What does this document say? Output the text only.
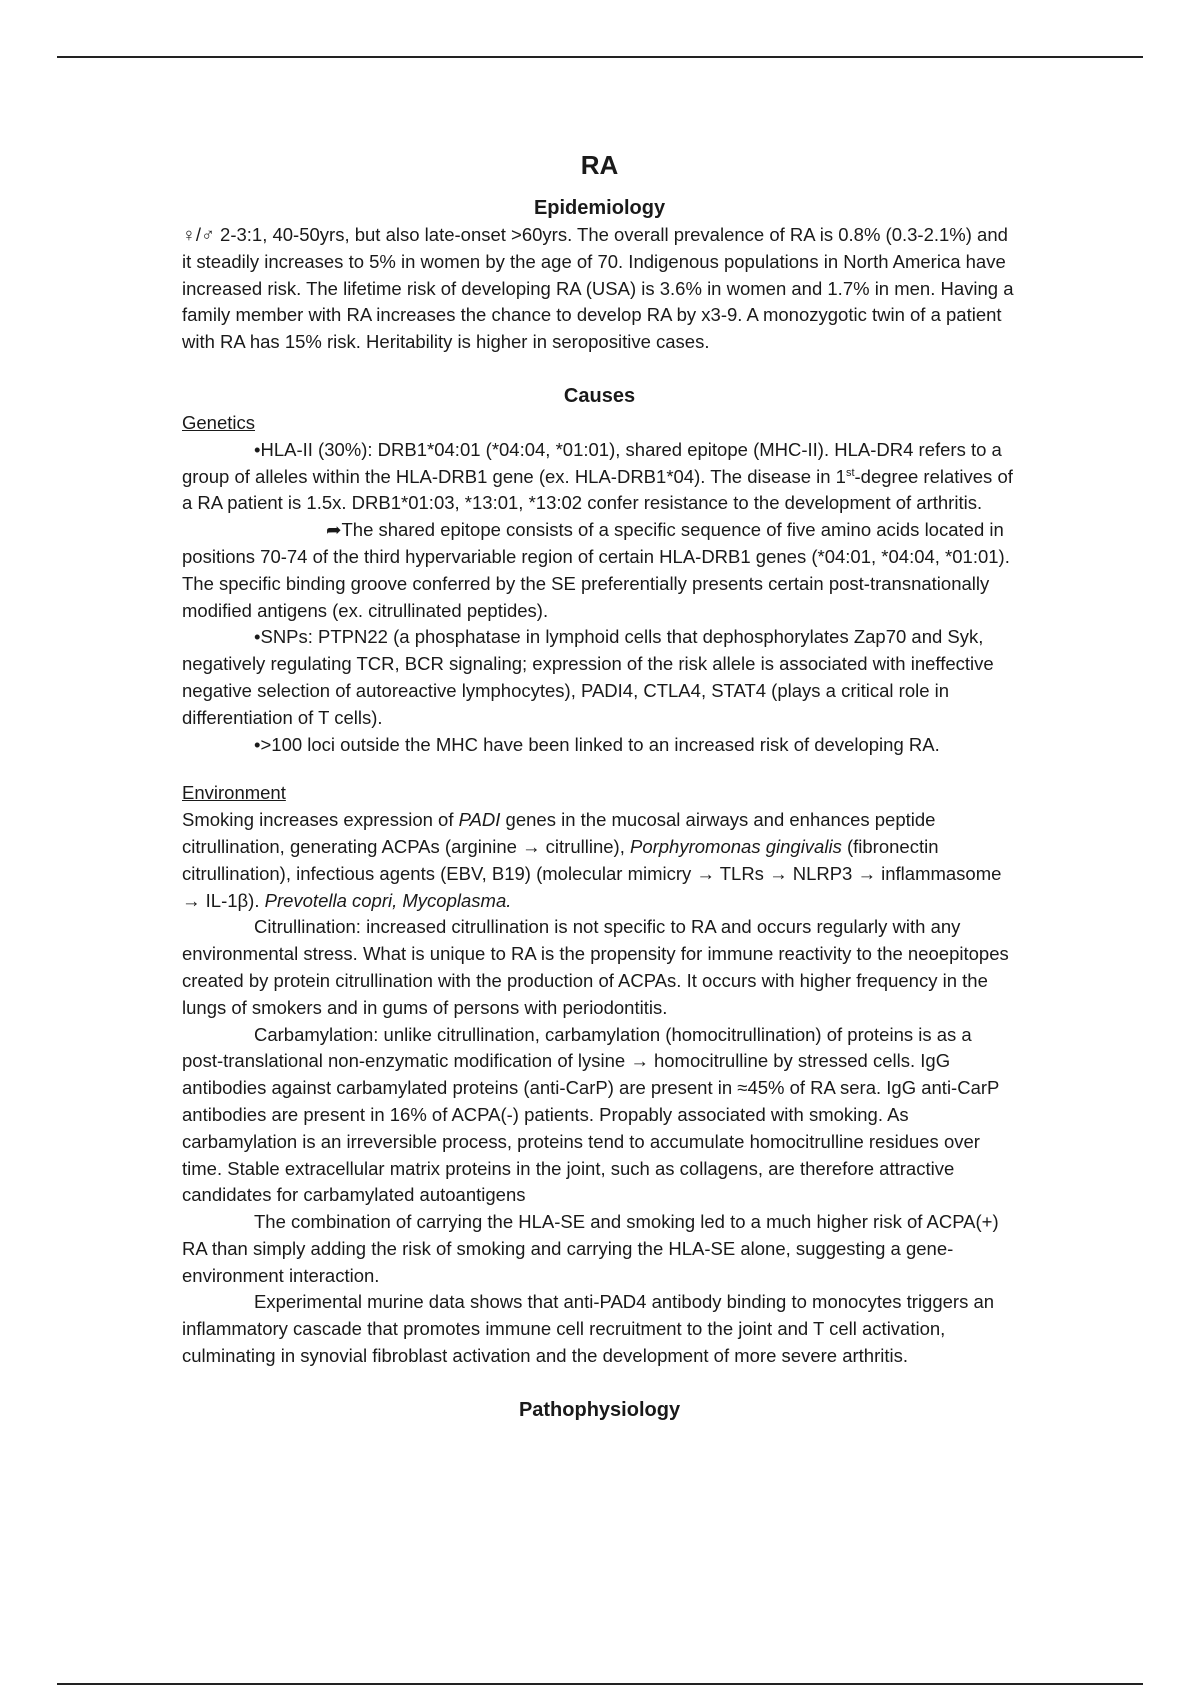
RA
Epidemiology

♀/♂ 2-3:1, 40-50yrs, but also late-onset >60yrs. The overall prevalence of RA is 0.8% (0.3-2.1%) and it steadily increases to 5% in women by the age of 70. Indigenous populations in North America have increased risk. The lifetime risk of developing RA (USA) is 3.6% in women and 1.7% in men. Having a family member with RA increases the chance to develop RA by x3-9. A monozygotic twin of a patient with RA has 15% risk. Heritability is higher in seropositive cases.

Causes
Genetics

•HLA-II (30%): DRB1*04:01 (*04:04, *01:01), shared epitope (MHC-II). HLA-DR4 refers to a group of alleles within the HLA-DRB1 gene (ex. HLA-DRB1*04). The disease in 1st-degree relatives of a RA patient is 1.5x. DRB1*01:03, *13:01, *13:02 confer resistance to the development of arthritis.

➦The shared epitope consists of a specific sequence of five amino acids located in positions 70-74 of the third hypervariable region of certain HLA-DRB1 genes (*04:01, *04:04, *01:01). The specific binding groove conferred by the SE preferentially presents certain post-transnationally modified antigens (ex. citrullinated peptides).

•SNPs: PTPN22 (a phosphatase in lymphoid cells that dephosphorylates Zap70 and Syk, negatively regulating TCR, BCR signaling; expression of the risk allele is associated with ineffective negative selection of autoreactive lymphocytes), PADI4, CTLA4, STAT4 (plays a critical role in differentiation of T cells).

•>100 loci outside the MHC have been linked to an increased risk of developing RA.

Environment

Smoking increases expression of PADI genes in the mucosal airways and enhances peptide citrullination, generating ACPAs (arginine → citrulline), Porphyromonas gingivalis (fibronectin citrullination), infectious agents (EBV, B19) (molecular mimicry → TLRs → NLRP3 → inflammasome → IL-1β). Prevotella copri, Mycoplasma.

Citrullination: increased citrullination is not specific to RA and occurs regularly with any environmental stress. What is unique to RA is the propensity for immune reactivity to the neoepitopes created by protein citrullination with the production of ACPAs. It occurs with higher frequency in the lungs of smokers and in gums of persons with periodontitis.

Carbamylation: unlike citrullination, carbamylation (homocitrullination) of proteins is as a post-translational non-enzymatic modification of lysine → homocitrulline by stressed cells. IgG antibodies against carbamylated proteins (anti-CarP) are present in ≈45% of RA sera. IgG anti-CarP antibodies are present in 16% of ACPA(-) patients. Propably associated with smoking. As carbamylation is an irreversible process, proteins tend to accumulate homocitrulline residues over time. Stable extracellular matrix proteins in the joint, such as collagens, are therefore attractive candidates for carbamylated autoantigens

The combination of carrying the HLA-SE and smoking led to a much higher risk of ACPA(+) RA than simply adding the risk of smoking and carrying the HLA-SE alone, suggesting a gene-environment interaction.

Experimental murine data shows that anti-PAD4 antibody binding to monocytes triggers an inflammatory cascade that promotes immune cell recruitment to the joint and T cell activation, culminating in synovial fibroblast activation and the development of more severe arthritis.

Pathophysiology
